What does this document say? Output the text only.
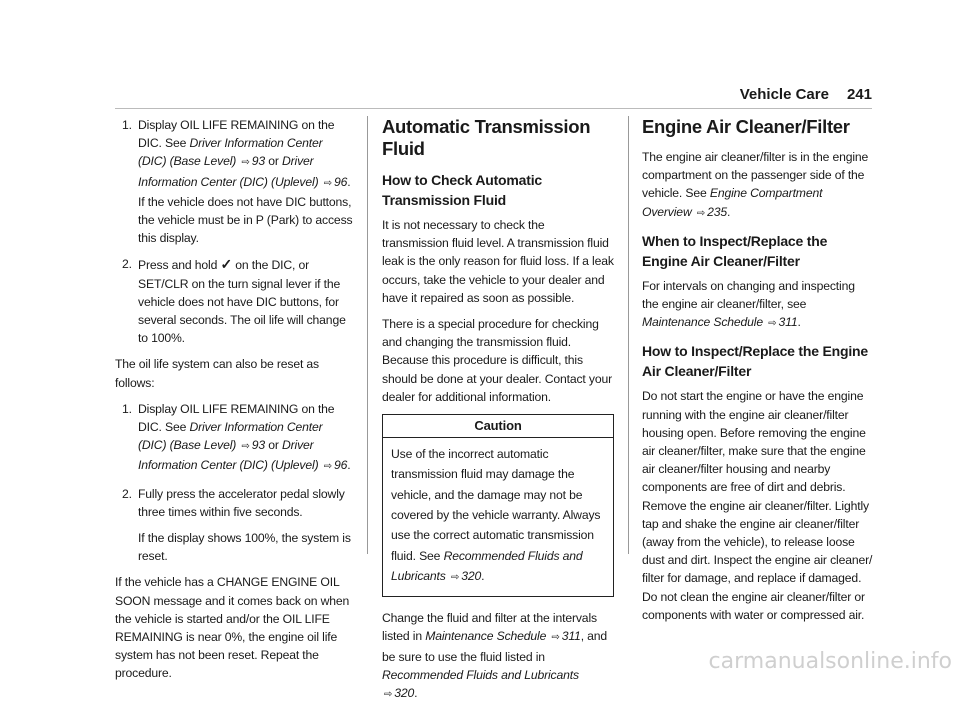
Vehicle Care 241
1. Display OIL LIFE REMAINING on the DIC. See Driver Information Center (DIC) (Base Level) ⇨ 93 or Driver Information Center (DIC) (Uplevel) ⇨ 96. If the vehicle does not have DIC buttons, the vehicle must be in P (Park) to access this display.
2. Press and hold ✓ on the DIC, or SET/CLR on the turn signal lever if the vehicle does not have DIC buttons, for several seconds. The oil life will change to 100%.

The oil life system can also be reset as follows:

1. Display OIL LIFE REMAINING on the DIC. See Driver Information Center (DIC) (Base Level) ⇨ 93 or Driver Information Center (DIC) (Uplevel) ⇨ 96.
2. Fully press the accelerator pedal slowly three times within five seconds.
If the display shows 100%, the system is reset.

If the vehicle has a CHANGE ENGINE OIL SOON message and it comes back on when the vehicle is started and/or the OIL LIFE REMAINING is near 0%, the engine oil life system has not been reset. Repeat the procedure.

Automatic Transmission Fluid
How to Check Automatic Transmission Fluid

It is not necessary to check the transmission fluid level. A transmission fluid leak is the only reason for fluid loss. If a leak occurs, take the vehicle to your dealer and have it repaired as soon as possible.

There is a special procedure for checking and changing the transmission fluid. Because this procedure is difficult, this should be done at your dealer. Contact your dealer for additional information.

Caution
Use of the incorrect automatic transmission fluid may damage the vehicle, and the damage may not be covered by the vehicle warranty. Always use the correct automatic transmission fluid. See Recommended Fluids and Lubricants ⇨ 320.

Change the fluid and filter at the intervals listed in Maintenance Schedule ⇨ 311, and be sure to use the fluid listed in Recommended Fluids and Lubricants ⇨ 320.

Engine Air Cleaner/Filter

The engine air cleaner/filter is in the engine compartment on the passenger side of the vehicle. See Engine Compartment Overview ⇨ 235.

When to Inspect/Replace the Engine Air Cleaner/Filter

For intervals on changing and inspecting the engine air cleaner/filter, see Maintenance Schedule ⇨ 311.

How to Inspect/Replace the Engine Air Cleaner/Filter

Do not start the engine or have the engine running with the engine air cleaner/filter housing open. Before removing the engine air cleaner/filter, make sure that the engine air cleaner/filter housing and nearby components are free of dirt and debris. Remove the engine air cleaner/filter. Lightly tap and shake the engine air cleaner/filter (away from the vehicle), to release loose dust and dirt. Inspect the engine air cleaner/ filter for damage, and replace if damaged. Do not clean the engine air cleaner/filter or components with water or compressed air.

carmanualsonline.info
